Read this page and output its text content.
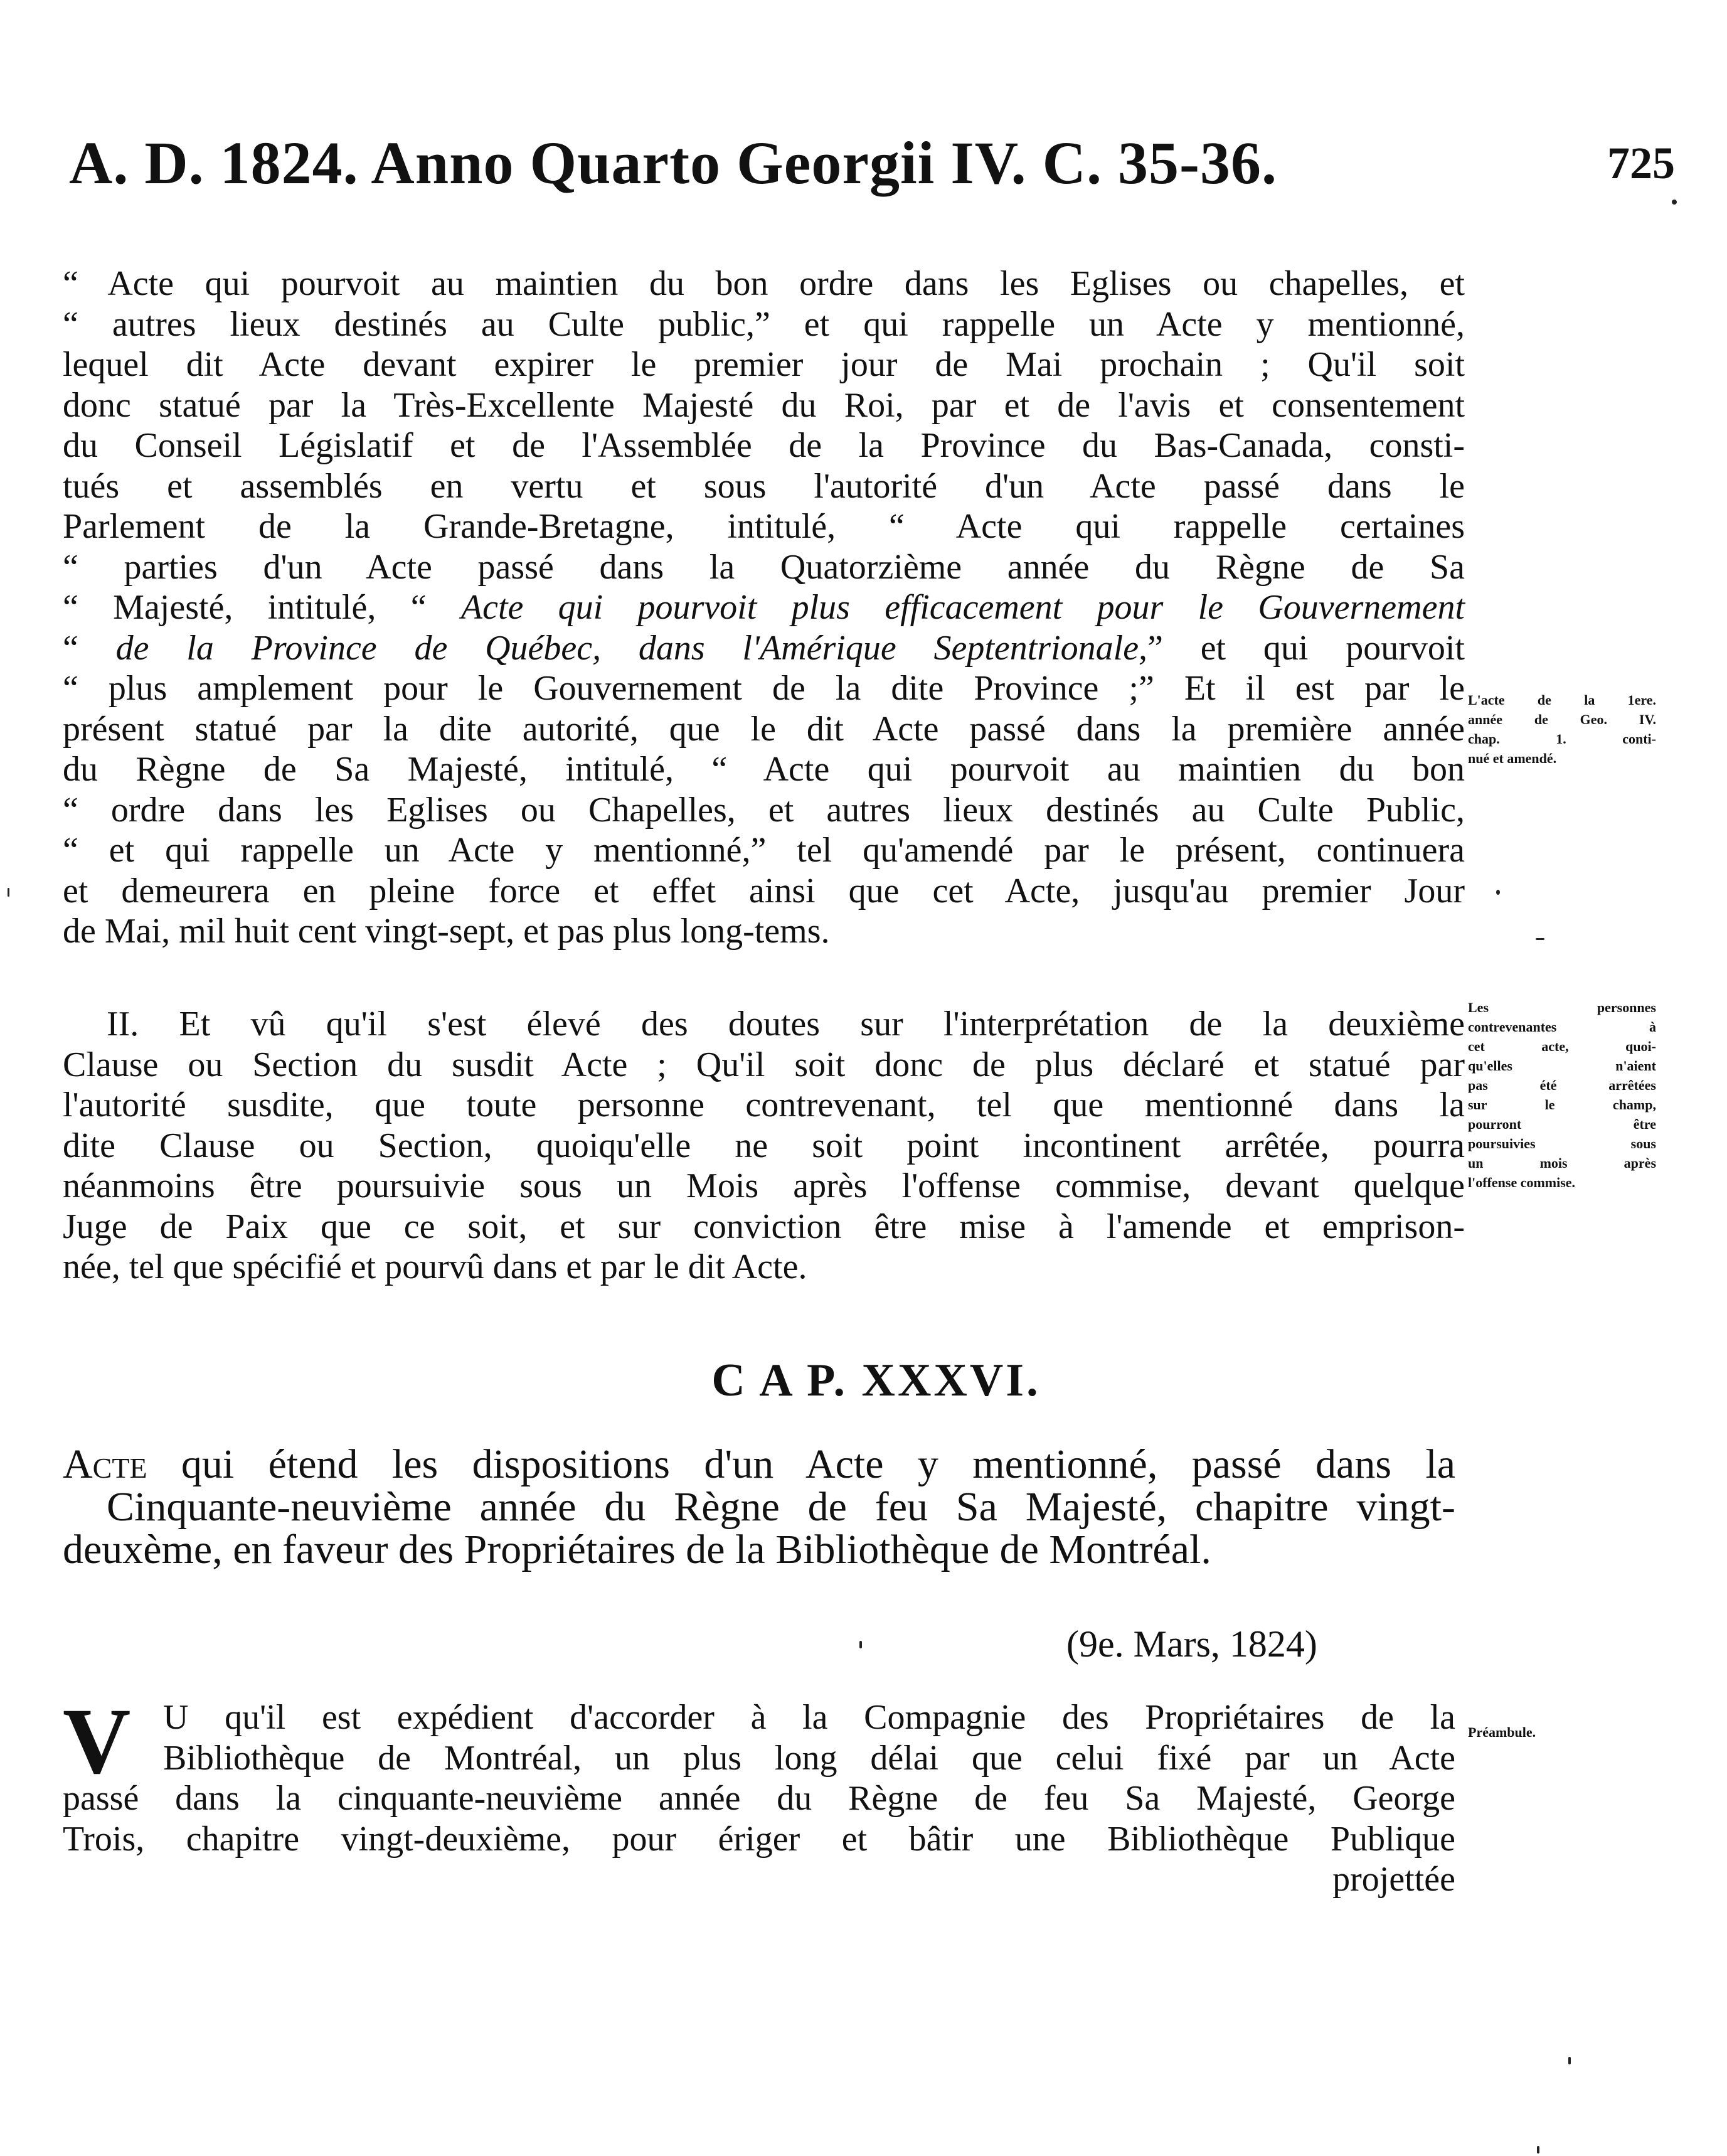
A. D. 1824. Anno Quarto Georgii IV. C. 35-36.	725
“ Acte qui pourvoit au maintien du bon ordre dans les Eglises ou chapelles, et
“ autres lieux destinés au Culte public,” et qui rappelle un Acte y mentionné,
lequel dit Acte devant expirer le premier jour de Mai prochain ; Qu'il soit
donc statué par la Très-Excellente Majesté du Roi, par et de l'avis et consentement
du Conseil Législatif et de l'Assemblée de la Province du Bas-Canada, consti-
tués et assemblés en vertu et sous l'autorité d'un Acte passé dans le
Parlement de la Grande-Bretagne, intitulé, “ Acte qui rappelle certaines
“ parties d'un Acte passé dans la Quatorzième année du Règne de Sa
“ Majesté, intitulé, “ Acte qui pourvoit plus efficacement pour le Gouvernement
“ de la Province de Québec, dans l'Amérique Septentrionale,” et qui pourvoit
“ plus amplement pour le Gouvernement de la dite Province ;” Et il est par le
présent statué par la dite autorité, que le dit Acte passé dans la première année
du Règne de Sa Majesté, intitulé, “ Acte qui pourvoit au maintien du bon
“ ordre dans les Eglises ou Chapelles, et autres lieux destinés au Culte Public,
“ et qui rappelle un Acte y mentionné,” tel qu'amendé par le présent, continuera
et demeurera en pleine force et effet ainsi que cet Acte, jusqu'au premier Jour
de Mai, mil huit cent vingt-sept, et pas plus long-tems.
L'acte de la 1ere.
année de Geo. IV.
chap. 1. conti-
nué et amendé.
II. Et vû qu'il s'est élevé des doutes sur l'interprétation de la deuxième
Clause ou Section du susdit Acte ; Qu'il soit donc de plus déclaré et statué par
l'autorité susdite, que toute personne contrevenant, tel que mentionné dans la
dite Clause ou Section, quoiqu'elle ne soit point incontinent arrêtée, pourra
néanmoins être poursuivie sous un Mois après l'offense commise, devant quelque
Juge de Paix que ce soit, et sur conviction être mise à l'amende et emprison-
née, tel que spécifié et pourvû dans et par le dit Acte.
Les personnes
contrevenantes à
cet acte, quoi-
qu'elles n'aient
pas été arrêtées
sur le champ,
pourront être
poursuivies sous
un mois après
l'offense commise.
C A P. XXXVI.
Acte qui étend les dispositions d'un Acte y mentionné, passé dans la
Cinquante-neuvième année du Règne de feu Sa Majesté, chapitre vingt-
deuxème, en faveur des Propriétaires de la Bibliothèque de Montréal.
(9e. Mars, 1824)
V U qu'il est expédient d'accorder à la Compagnie des Propriétaires de la
Bibliothèque de Montréal, un plus long délai que celui fixé par un Acte
passé dans la cinquante-neuvième année du Règne de feu Sa Majesté, George
Trois, chapitre vingt-deuxième, pour ériger et bâtir une Bibliothèque Publique
projettée
Préambule.
